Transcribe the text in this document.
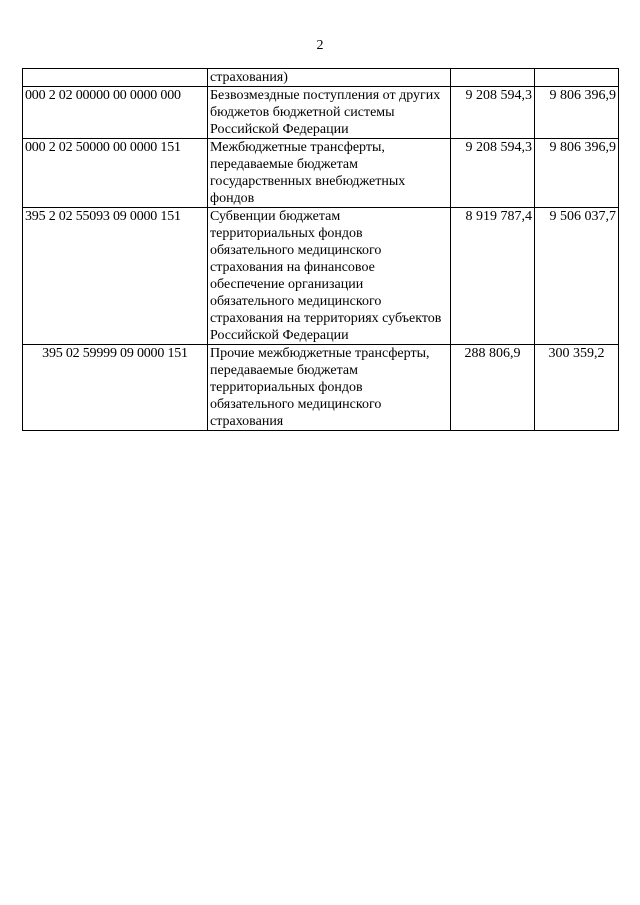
2
	страхования)		
000 2 02 00000 00 0000 000	Безвозмездные поступления от других бюджетов бюджетной системы Российской Федерации	9 208 594,3	9 806 396,9
000 2 02 50000 00 0000 151	Межбюджетные трансферты, передаваемые бюджетам государственных внебюджетных фондов	9 208 594,3	9 806 396,9
395 2 02 55093 09 0000 151	Субвенции бюджетам территориальных фондов обязательного медицинского страхования на финансовое обеспечение организации обязательного медицинского страхования на территориях субъектов Российской Федерации	8 919 787,4	9 506 037,7
395 02 59999 09 0000 151	Прочие межбюджетные трансферты, передаваемые бюджетам территориальных фондов обязательного медицинского страхования	288 806,9	300 359,2
